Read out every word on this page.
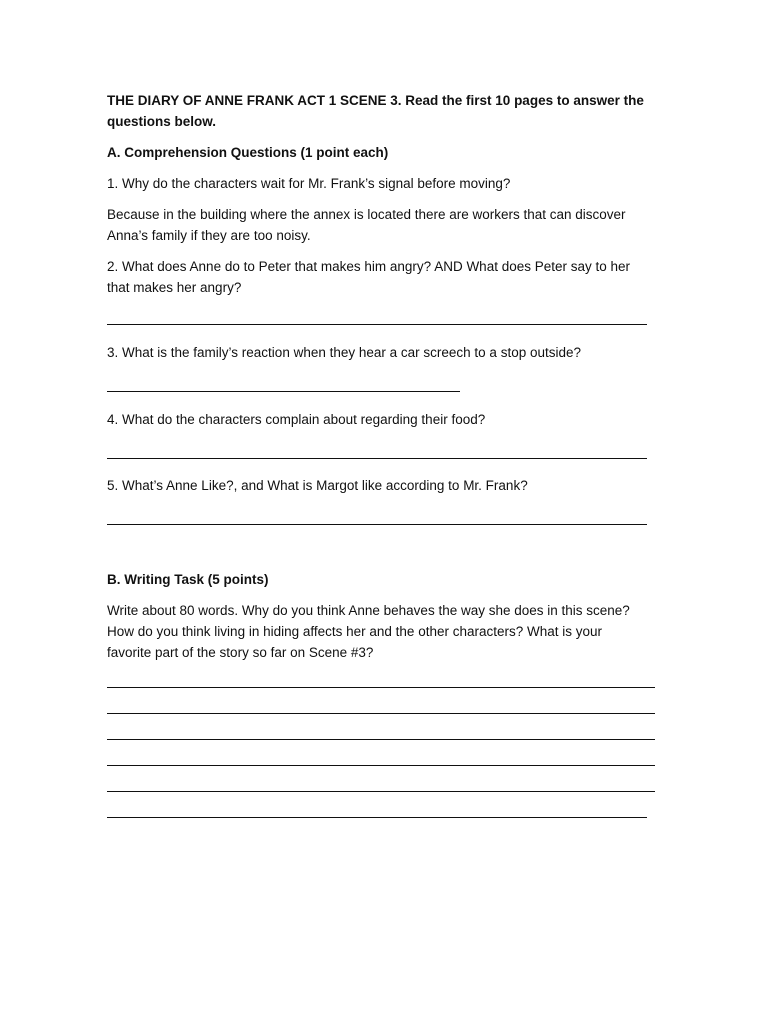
THE DIARY OF ANNE FRANK ACT 1 SCENE 3. Read the first 10 pages to answer the

questions below.

A. Comprehension Questions (1 point each)

1. Why do the characters wait for Mr. Frank’s signal before moving?

Because in the building where the annex is located there are workers that can discover

Anna’s family if they are too noisy.

2. What does Anne do to Peter that makes him angry? AND What does Peter say to her

that makes her angry?

3. What is the family’s reaction when they hear a car screech to a stop outside?

4. What do the characters complain about regarding their food?

5. What’s Anne Like?, and What is Margot like according to Mr. Frank?

B. Writing Task (5 points)

Write about 80 words. Why do you think Anne behaves the way she does in this scene?

How do you think living in hiding affects her and the other characters? What is your

favorite part of the story so far on Scene #3?
